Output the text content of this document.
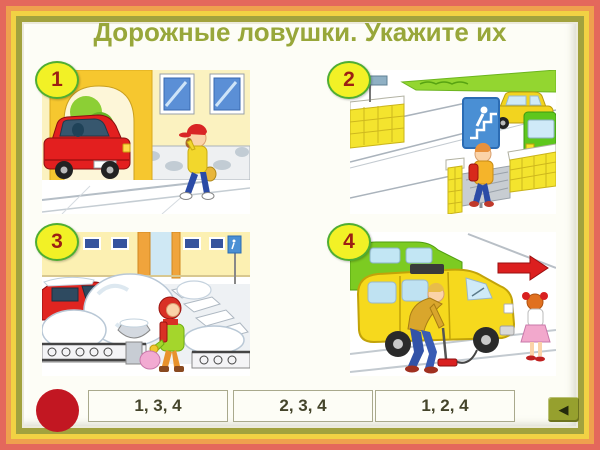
Дорожные ловушки. Укажите их
1	2
3	4
1, 3, 4	2, 3, 4	1, 2, 4	◀
